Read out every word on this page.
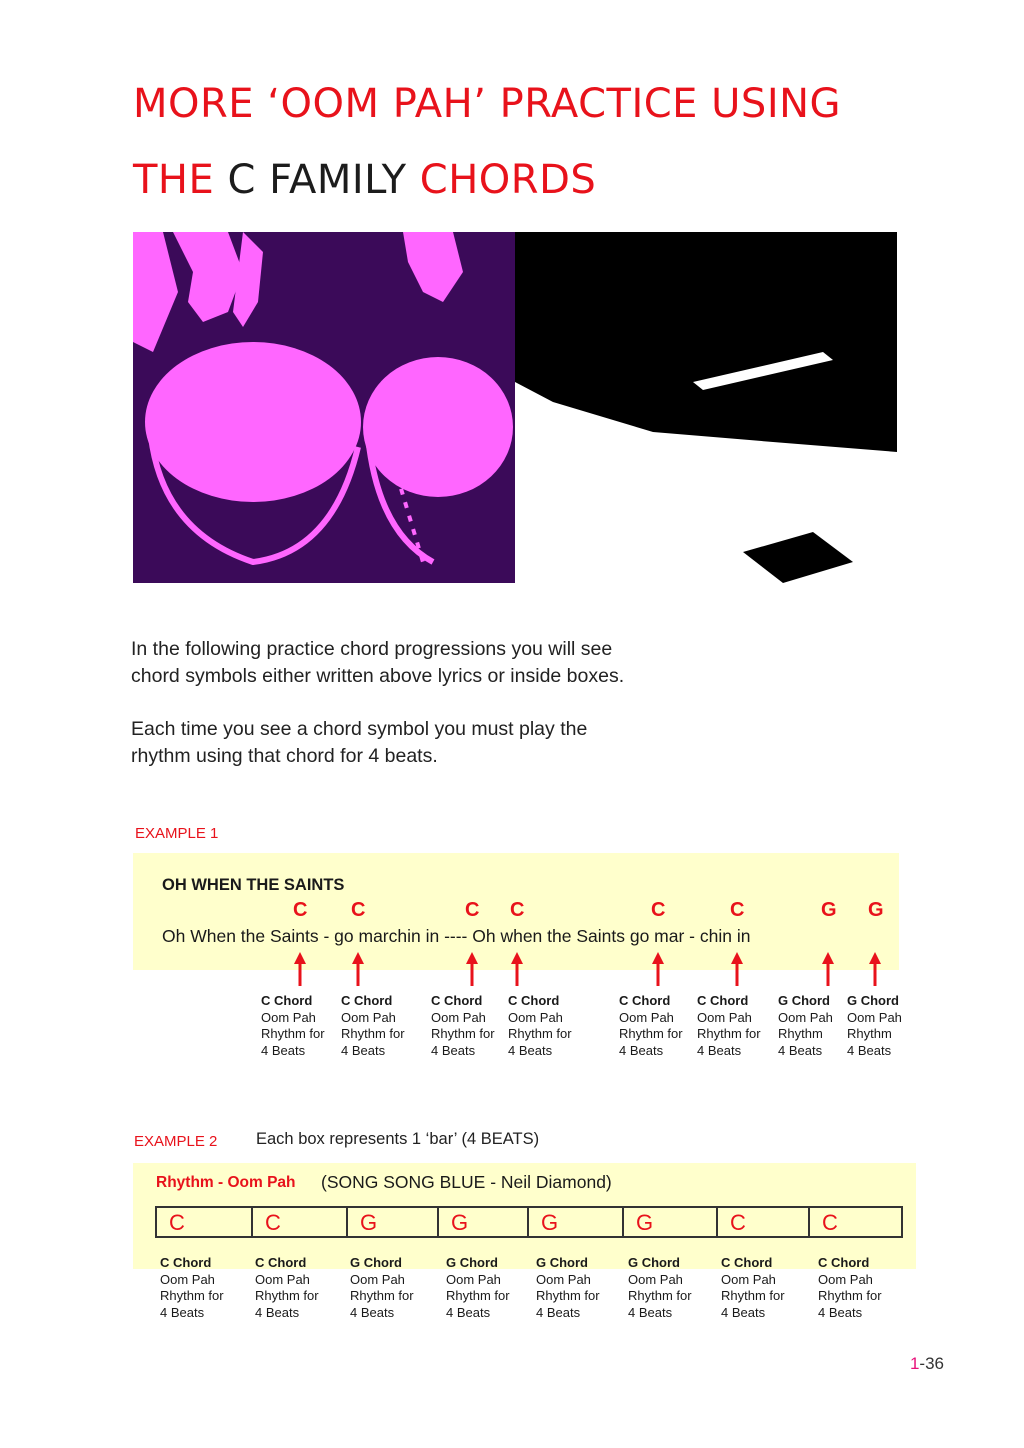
MORE ‘OOM PAH’ PRACTICE USING
THE C FAMILY CHORDS
In the following practice chord progressions you will see
chord symbols either written above lyrics or inside boxes.
Each time you see a chord symbol you must play the
rhythm using that chord for 4 beats.
EXAMPLE 1
OH WHEN THE SAINTS
Oh When the Saints - go marchin in ---- Oh when the Saints go mar - chin in
C C	C C	C	C	G G
C Chord
Oom Pah
Rhythm for
4 Beats
C Chord
Oom Pah
Rhythm for
4 Beats
C Chord
Oom Pah
Rhythm for
4 Beats
C Chord
Oom Pah
Rhythm for
4 Beats
C Chord
Oom Pah
Rhythm for
4 Beats
C Chord
Oom Pah
Rhythm for
4 Beats
G Chord
Oom Pah
Rhythm
4 Beats
G Chord
Oom Pah
Rhythm
4 Beats
EXAMPLE 2 Each box represents 1 ‘bar’ (4 BEATS)
Rhythm - Oom Pah (SONG SONG BLUE - Neil Diamond)
C	C	G	G	G	G	C	C
C Chord
Oom Pah
Rhythm for
4 Beats
C Chord
Oom Pah
Rhythm for
4 Beats
G Chord
Oom Pah
Rhythm for
4 Beats
G Chord
Oom Pah
Rhythm for
4 Beats
G Chord
Oom Pah
Rhythm for
4 Beats
G Chord
Oom Pah
Rhythm for
4 Beats
C Chord
Oom Pah
Rhythm for
4 Beats
C Chord
Oom Pah
Rhythm for
4 Beats
1-36
